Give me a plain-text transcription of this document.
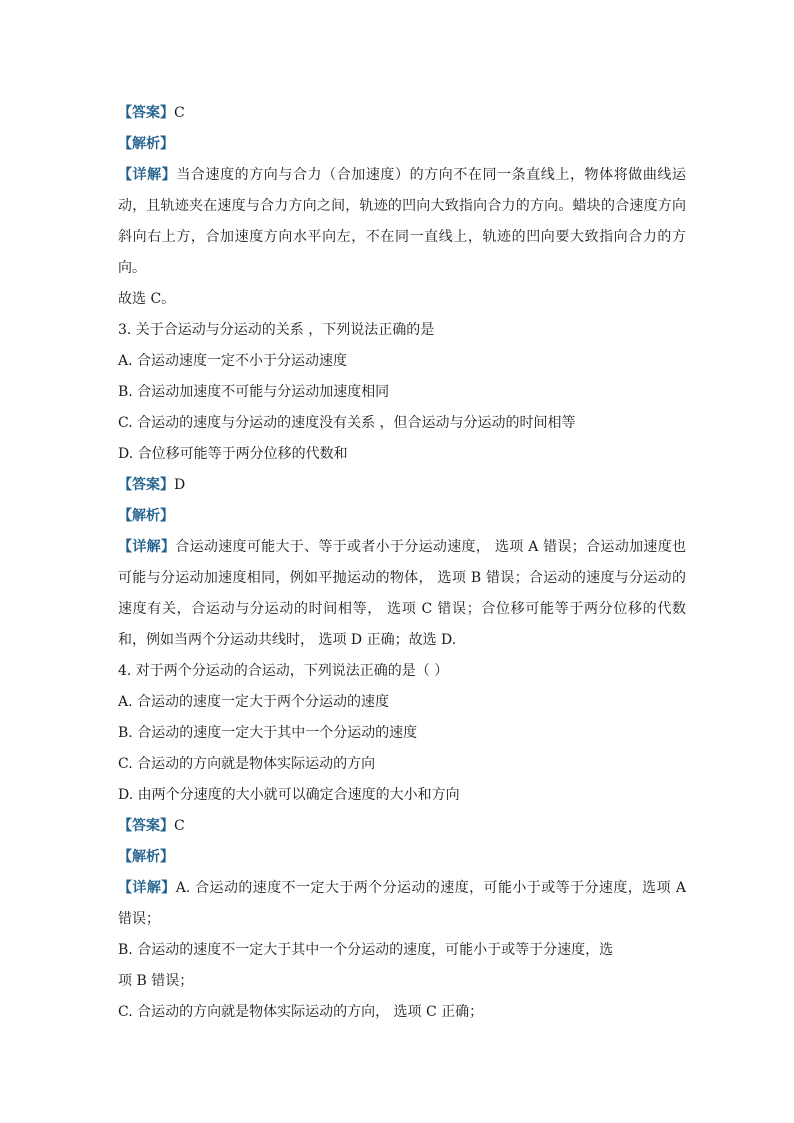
【答案】C

【解析】

【详解】当合速度的方向与合力（合加速度）的方向不在同一条直线上，物体将做曲线运动，且轨迹夹在速度与合力方向之间，轨迹的凹向大致指向合力的方向。蜡块的合速度方向斜向右上方，合加速度方向水平向左，不在同一直线上，轨迹的凹向要大致指向合力的方向。

故选 C。

3. 关于合运动与分运动的关系 ，下列说法正确的是

A. 合运动速度一定不小于分运动速度

B. 合运动加速度不可能与分运动加速度相同

C. 合运动的速度与分运动的速度没有关系 ，但合运动与分运动的时间相等

D. 合位移可能等于两分位移的代数和

【答案】D

【解析】

【详解】合运动速度可能大于、等于或者小于分运动速度， 选项 A 错误；合运动加速度也可能与分运动加速度相同，例如平抛运动的物体， 选项 B 错误；合运动的速度与分运动的速度有关，合运动与分运动的时间相等， 选项 C 错误；合位移可能等于两分位移的代数和，例如当两个分运动共线时， 选项 D 正确；故选 D.

4. 对于两个分运动的合运动，下列说法正确的是（ ）

A. 合运动的速度一定大于两个分运动的速度

B. 合运动的速度一定大于其中一个分运动的速度

C. 合运动的方向就是物体实际运动的方向

D. 由两个分速度的大小就可以确定合速度的大小和方向

【答案】C

【解析】

【详解】A. 合运动的速度不一定大于两个分运动的速度，可能小于或等于分速度，选项 A 错误；

B. 合运动的速度不一定大于其中一个分运动的速度，可能小于或等于分速度，选

项 B 错误；

C. 合运动的方向就是物体实际运动的方向， 选项 C 正确；
